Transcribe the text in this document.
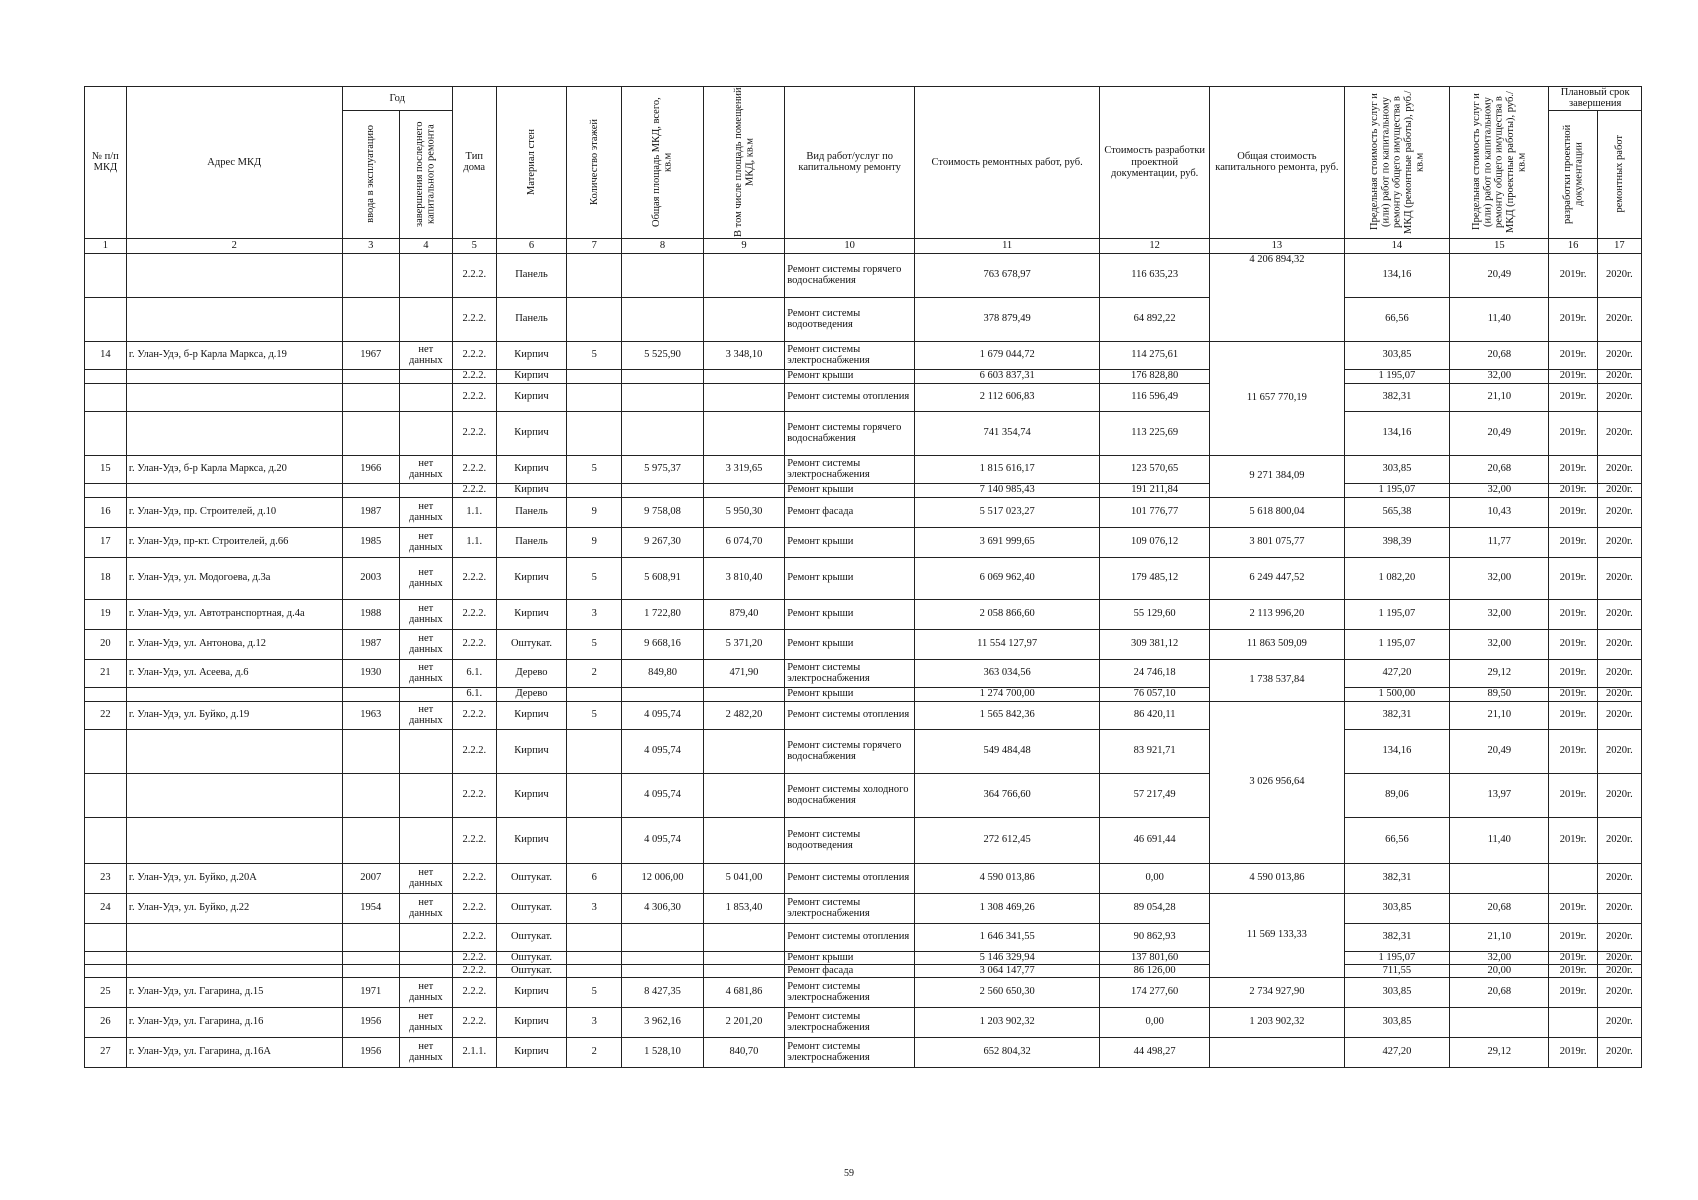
№ п/п МКД	Адрес МКД	Год		Тип дома	Материал стен	Количество этажей	Общая площадь МКД, всего, кв.м	В том числе площадь помещений МКД, кв.м	Вид работ/услуг по капитальному ремонту	Стоимость ремонтных работ, руб.	Стоимость разработки проектной документации, руб.	Общая стоимость капитального ремонта, руб.	Предельная стоимость услуг и (или) работ по капитальному ремонту общего имущества в МКД (ремонтные работы), руб./кв.м	Предельная стоимость услуг и (или) работ по капитальному ремонту общего имущества в МКД (проектные работы), руб./кв.м	Плановый срок завершения	

		ввода в эксплуатацию	завершения последнего капитального ремонта												разработки проектной документации	ремонтных работ

1	2	3	4	5	6	7	8	9	10	11	12	13	14	15	16	17
				2.2.2.	Панель				Ремонт системы горячего водоснабжения	763 678,97	116 635,23	4 206 894,32	134,16	20,49	2019г.	2020г.
				2.2.2.	Панель				Ремонт системы водоотведения	378 879,49	64 892,22		66,56	11,40	2019г.	2020г.
14	г. Улан-Удэ, б-р Карла Маркса, д.19	1967	нет данных	2.2.2.	Кирпич	5	5 525,90	3 348,10	Ремонт системы электроснабжения	1 679 044,72	114 275,61	11 657 770,19	303,85	20,68	2019г.	2020г.
				2.2.2.	Кирпич				Ремонт крыши	6 603 837,31	176 828,80		1 195,07	32,00	2019г.	2020г.
				2.2.2.	Кирпич				Ремонт системы отопления	2 112 606,83	116 596,49		382,31	21,10	2019г.	2020г.
				2.2.2.	Кирпич				Ремонт системы горячего водоснабжения	741 354,74	113 225,69		134,16	20,49	2019г.	2020г.
15	г. Улан-Удэ, б-р Карла Маркса, д.20	1966	нет данных	2.2.2.	Кирпич	5	5 975,37	3 319,65	Ремонт системы электроснабжения	1 815 616,17	123 570,65	9 271 384,09	303,85	20,68	2019г.	2020г.
				2.2.2.	Кирпич				Ремонт крыши	7 140 985,43	191 211,84		1 195,07	32,00	2019г.	2020г.
16	г. Улан-Удэ, пр. Строителей, д.10	1987	нет данных	1.1.	Панель	9	9 758,08	5 950,30	Ремонт фасада	5 517 023,27	101 776,77	5 618 800,04	565,38	10,43	2019г.	2020г.
17	г. Улан-Удэ, пр-кт. Строителей, д.66	1985	нет данных	1.1.	Панель	9	9 267,30	6 074,70	Ремонт крыши	3 691 999,65	109 076,12	3 801 075,77	398,39	11,77	2019г.	2020г.
18	г. Улан-Удэ, ул. Модогоева, д.3а	2003	нет данных	2.2.2.	Кирпич	5	5 608,91	3 810,40	Ремонт крыши	6 069 962,40	179 485,12	6 249 447,52	1 082,20	32,00	2019г.	2020г.
19	г. Улан-Удэ, ул. Автотранспортная, д.4а	1988	нет данных	2.2.2.	Кирпич	3	1 722,80	879,40	Ремонт крыши	2 058 866,60	55 129,60	2 113 996,20	1 195,07	32,00	2019г.	2020г.
20	г. Улан-Удэ, ул. Антонова, д.12	1987	нет данных	2.2.2.	Оштукат.	5	9 668,16	5 371,20	Ремонт крыши	11 554 127,97	309 381,12	11 863 509,09	1 195,07	32,00	2019г.	2020г.
21	г. Улан-Удэ, ул. Асеева, д.6	1930	нет данных	6.1.	Дерево	2	849,80	471,90	Ремонт системы электроснабжения	363 034,56	24 746,18	1 738 537,84	427,20	29,12	2019г.	2020г.
				6.1.	Дерево				Ремонт крыши	1 274 700,00	76 057,10		1 500,00	89,50	2019г.	2020г.
22	г. Улан-Удэ, ул. Буйко, д.19	1963	нет данных	2.2.2.	Кирпич	5	4 095,74	2 482,20	Ремонт системы отопления	1 565 842,36	86 420,11	3 026 956,64	382,31	21,10	2019г.	2020г.
				2.2.2.	Кирпич		4 095,74		Ремонт системы горячего водоснабжения	549 484,48	83 921,71		134,16	20,49	2019г.	2020г.
				2.2.2.	Кирпич		4 095,74		Ремонт системы холодного водоснабжения	364 766,60	57 217,49		89,06	13,97	2019г.	2020г.
				2.2.2.	Кирпич		4 095,74		Ремонт системы водоотведения	272 612,45	46 691,44		66,56	11,40	2019г.	2020г.
23	г. Улан-Удэ, ул. Буйко, д.20А	2007	нет данных	2.2.2.	Оштукат.	6	12 006,00	5 041,00	Ремонт системы отопления	4 590 013,86	0,00	4 590 013,86	382,31			2020г.
24	г. Улан-Удэ, ул. Буйко, д.22	1954	нет данных	2.2.2.	Оштукат.	3	4 306,30	1 853,40	Ремонт системы электроснабжения	1 308 469,26	89 054,28	11 569 133,33	303,85	20,68	2019г.	2020г.
				2.2.2.	Оштукат.				Ремонт системы отопления	1 646 341,55	90 862,93		382,31	21,10	2019г.	2020г.
				2.2.2.	Оштукат.				Ремонт крыши	5 146 329,94	137 801,60		1 195,07	32,00	2019г.	2020г.
				2.2.2.	Оштукат.				Ремонт фасада	3 064 147,77	86 126,00		711,55	20,00	2019г.	2020г.
25	г. Улан-Удэ, ул. Гагарина, д.15	1971	нет данных	2.2.2.	Кирпич	5	8 427,35	4 681,86	Ремонт системы электроснабжения	2 560 650,30	174 277,60	2 734 927,90	303,85	20,68	2019г.	2020г.
26	г. Улан-Удэ, ул. Гагарина, д.16	1956	нет данных	2.2.2.	Кирпич	3	3 962,16	2 201,20	Ремонт системы электроснабжения	1 203 902,32	0,00	1 203 902,32	303,85			2020г.
27	г. Улан-Удэ, ул. Гагарина, д.16А	1956	нет данных	2.1.1.	Кирпич	2	1 528,10	840,70	Ремонт системы электроснабжения	652 804,32	44 498,27		427,20	29,12	2019г.	2020г.
59
